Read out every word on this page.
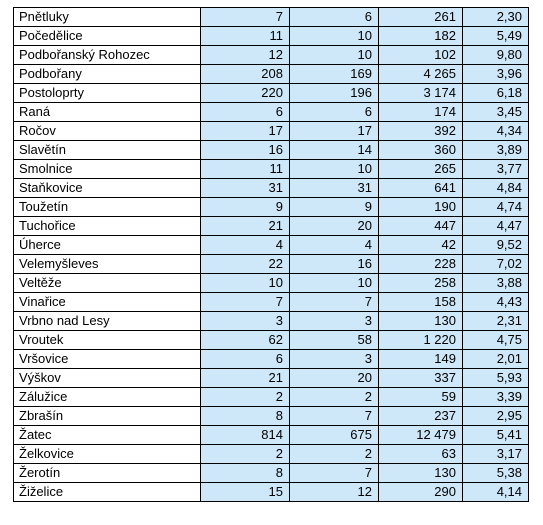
Pnětluky	7	6	261	2,30
Počedělice	11	10	182	5,49
Podbořanský Rohozec	12	10	102	9,80
Podbořany	208	169	4 265	3,96
Postoloprty	220	196	3 174	6,18
Raná	6	6	174	3,45
Ročov	17	17	392	4,34
Slavětín	16	14	360	3,89
Smolnice	11	10	265	3,77
Staňkovice	31	31	641	4,84
Toužetín	9	9	190	4,74
Tuchořice	21	20	447	4,47
Úherce	4	4	42	9,52
Velemyšleves	22	16	228	7,02
Veltěže	10	10	258	3,88
Vinařice	7	7	158	4,43
Vrbno nad Lesy	3	3	130	2,31
Vroutek	62	58	1 220	4,75
Vršovice	6	3	149	2,01
Výškov	21	20	337	5,93
Zálužice	2	2	59	3,39
Zbrašín	8	7	237	2,95
Žatec	814	675	12 479	5,41
Želkovice	2	2	63	3,17
Žerotín	8	7	130	5,38
Žiželice	15	12	290	4,14
